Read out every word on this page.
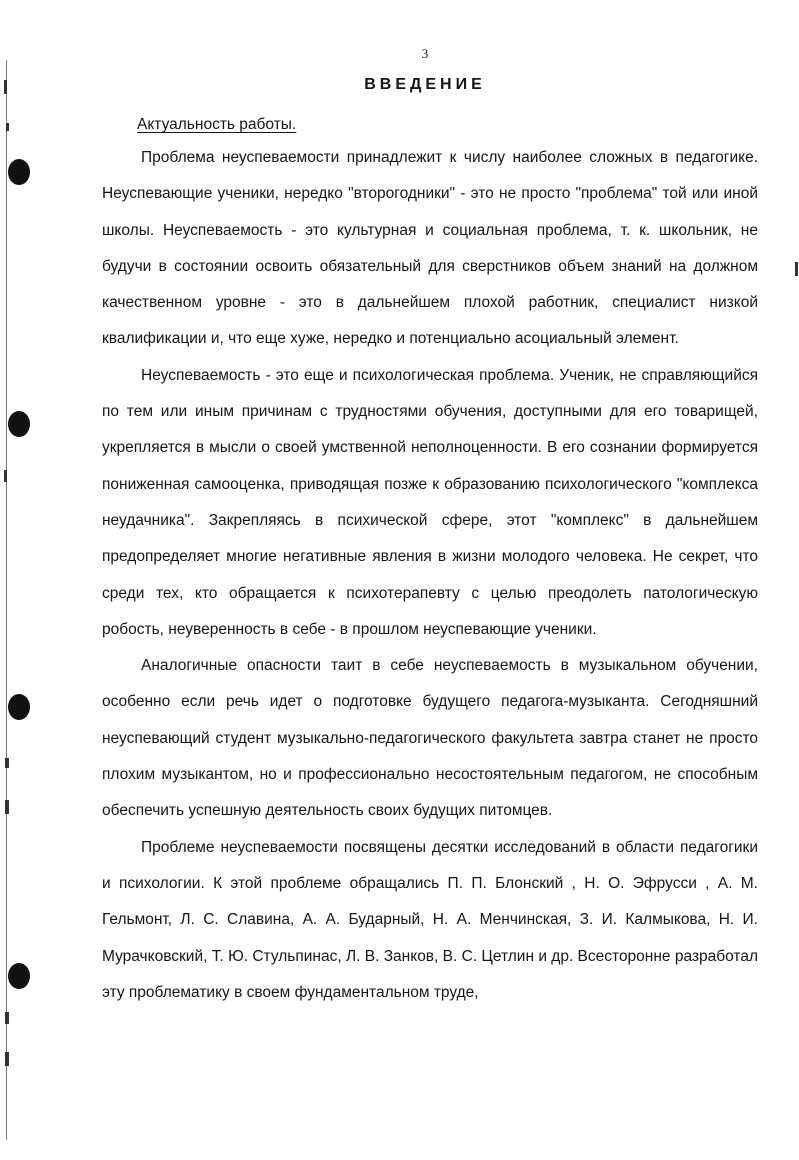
3
ВВЕДЕНИЕ
Актуальность работы.

Проблема неуспеваемости принадлежит к числу наиболее сложных в педагогике. Неуспевающие ученики, нередко "второгодники" - это не просто "проблема" той или иной школы. Неуспеваемость - это культурная и социальная проблема, т. к. школьник, не будучи в состоянии освоить обязательный для сверстников объем знаний на должном качественном уровне - это в дальнейшем плохой работник, специалист низкой квалификации и, что еще хуже, нередко и потенциально асоциальный элемент.

Неуспеваемость - это еще и психологическая проблема. Ученик, не справляющийся по тем или иным причинам с трудностями обучения, доступными для его товарищей, укрепляется в мысли о своей умственной неполноценности. В его сознании формируется пониженная самооценка, приводящая позже к образованию психологического "комплекса неудачника". Закрепляясь в психической сфере, этот "комплекс" в дальнейшем предопределяет многие негативные явления в жизни молодого человека. Не секрет, что среди тех, кто обращается к психотерапевту с целью преодолеть патологическую робость, неуверенность в себе - в прошлом неуспевающие ученики.

Аналогичные опасности таит в себе неуспеваемость в музыкальном обучении, особенно если речь идет о подготовке будущего педагога-музыканта. Сегодняшний неуспевающий студент музыкально-педагогического факультета завтра станет не просто плохим музыкантом, но и профессионально несостоятельным педагогом, не способным обеспечить успешную деятельность своих будущих питомцев.

Проблеме неуспеваемости посвящены десятки исследований в области педагогики и психологии. К этой проблеме обращались П. П. Блонский , Н. О. Эфрусси , А. М. Гельмонт, Л. С. Славина, А. А. Бударный, Н. А. Менчинская, З. И. Калмыкова, Н. И. Мурачковский, Т. Ю. Стульпинас, Л. В. Занков, В. С. Цетлин и др. Всесторонне разработал эту проблематику в своем фундаментальном труде,
